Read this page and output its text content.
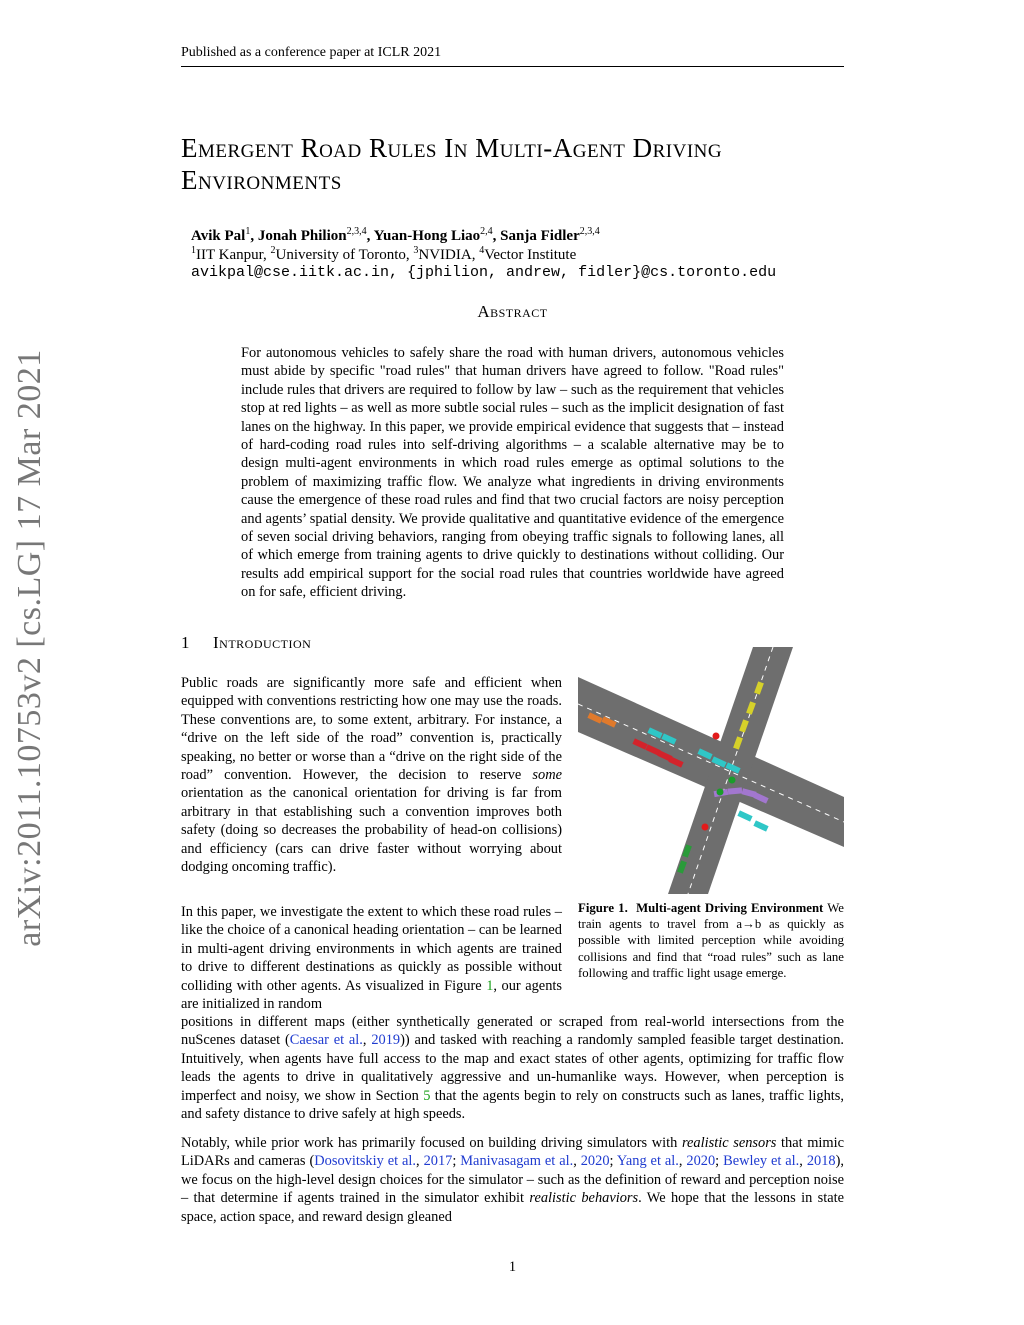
Published as a conference paper at ICLR 2021
arXiv:2011.10753v2 [cs.LG] 17 Mar 2021
Emergent Road Rules In Multi-Agent Driving
Environments
Avik Pal$^1$, Jonah Philion$^{2,3,4}$, Yuan-Hong Liao$^{2,4}$, Sanja Fidler$^{2,3,4}$
$^1$IIT Kanpur, $^2$University of Toronto, $^3$NVIDIA, $^4$Vector Institute
avikpal@cse.iitk.ac.in, {jphilion, andrew, fidler}@cs.toronto.edu
Abstract
For autonomous vehicles to safely share the road with human drivers, autonomous vehicles must abide by specific "road rules" that human drivers have agreed to follow. "Road rules" include rules that drivers are required to follow by law – such as the requirement that vehicles stop at red lights – as well as more subtle social rules – such as the implicit designation of fast lanes on the highway. In this paper, we provide empirical evidence that suggests that – instead of hard-coding road rules into self-driving algorithms – a scalable alternative may be to design multi-agent environments in which road rules emerge as optimal solutions to the problem of maximizing traffic flow. We analyze what ingredients in driving environments cause the emergence of these road rules and find that two crucial factors are noisy perception and agents’ spatial density. We provide qualitative and quantitative evidence of the emergence of seven social driving behaviors, ranging from obeying traffic signals to following lanes, all of which emerge from training agents to drive quickly to destinations without colliding. Our results add empirical support for the social road rules that countries worldwide have agreed on for safe, efficient driving.
1 Introduction
Public roads are significantly more safe and efficient when equipped with conventions restricting how one may use the roads. These conventions are, to some extent, arbitrary. For instance, a “drive on the left side of the road” convention is, practically speaking, no better or worse than a “drive on the right side of the road” convention. However, the decision to reserve some orientation as the canonical orientation for driving is far from arbitrary in that establishing such a convention improves both safety (doing so decreases the probability of head-on collisions) and efficiency (cars can drive faster without worrying about dodging oncoming traffic).
In this paper, we investigate the extent to which these road rules – like the choice of a canonical heading orientation – can be learned in multi-agent driving environments in which agents are trained to drive to different destinations as quickly as possible without colliding with other agents. As visualized in Figure 1, our agents are initialized in random
positions in different maps (either synthetically generated or scraped from real-world intersections from the nuScenes dataset (Caesar et al., 2019)) and tasked with reaching a randomly sampled feasible target destination. Intuitively, when agents have full access to the map and exact states of other agents, optimizing for traffic flow leads the agents to drive in qualitatively aggressive and un-humanlike ways. However, when perception is imperfect and noisy, we show in Section 5 that the agents begin to rely on constructs such as lanes, traffic lights, and safety distance to drive safely at high speeds.
Notably, while prior work has primarily focused on building driving simulators with realistic sensors that mimic LiDARs and cameras (Dosovitskiy et al., 2017; Manivasagam et al., 2020; Yang et al., 2020; Bewley et al., 2018), we focus on the high-level design choices for the simulator – such as the definition of reward and perception noise – that determine if agents trained in the simulator exhibit realistic behaviors. We hope that the lessons in state space, action space, and reward design gleaned
Figure 1. Multi-agent Driving Environment We train agents to travel from a→b as quickly as possible with limited perception while avoiding collisions and find that “road rules” such as lane following and traffic light usage emerge.
1
